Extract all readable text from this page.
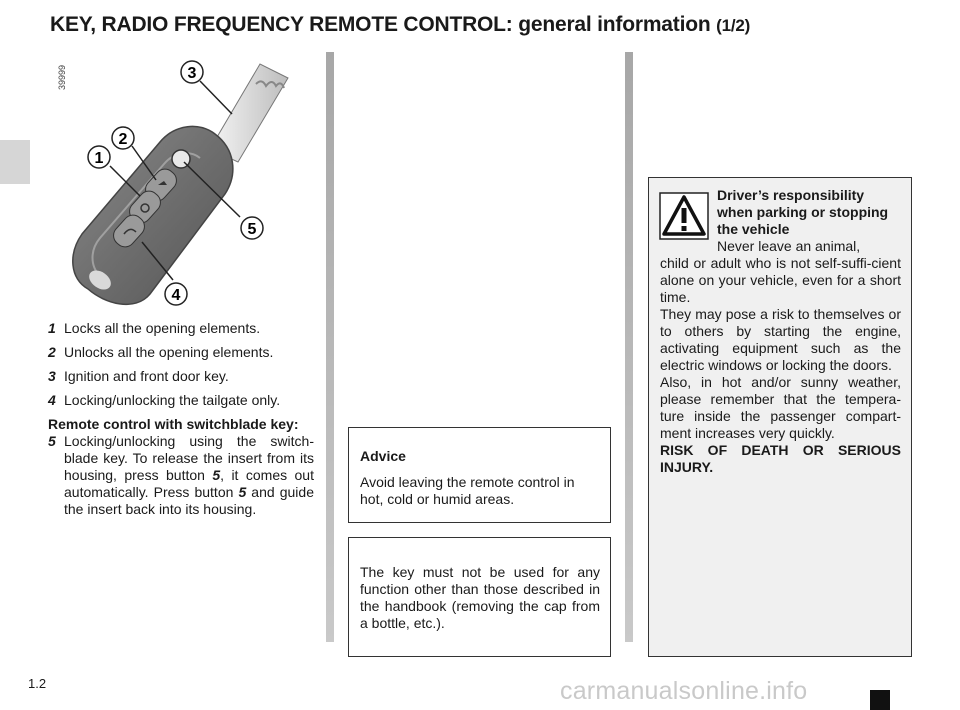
KEY, RADIO FREQUENCY REMOTE CONTROL: general information (1/2)
39999
1
2
3
4
5
1 Locks all the opening elements.
2 Unlocks all the opening elements.
3 Ignition and front door key.
4 Locking/unlocking the tailgate only.
Remote control with switchblade key:
5 Locking/unlocking using the switch-blade key. To release the insert from its housing, press button 5, it comes out automatically. Press button 5 and guide the insert back into its housing.
Advice
Avoid leaving the remote control in hot, cold or humid areas.
The key must not be used for any function other than those described in the handbook (removing the cap from a bottle, etc.).
Driver’s responsibility when parking or stopping the vehicle
Never leave an animal,
child or adult who is not self-suffi-cient alone on your vehicle, even for a short time.
They may pose a risk to themselves or to others by starting the engine, activating equipment such as the electric windows or locking the doors.
Also, in hot and/or sunny weather, please remember that the tempera-ture inside the passenger compart-ment increases very quickly.
RISK OF DEATH OR SERIOUS INJURY.
1.2	carmanualsonline.info
